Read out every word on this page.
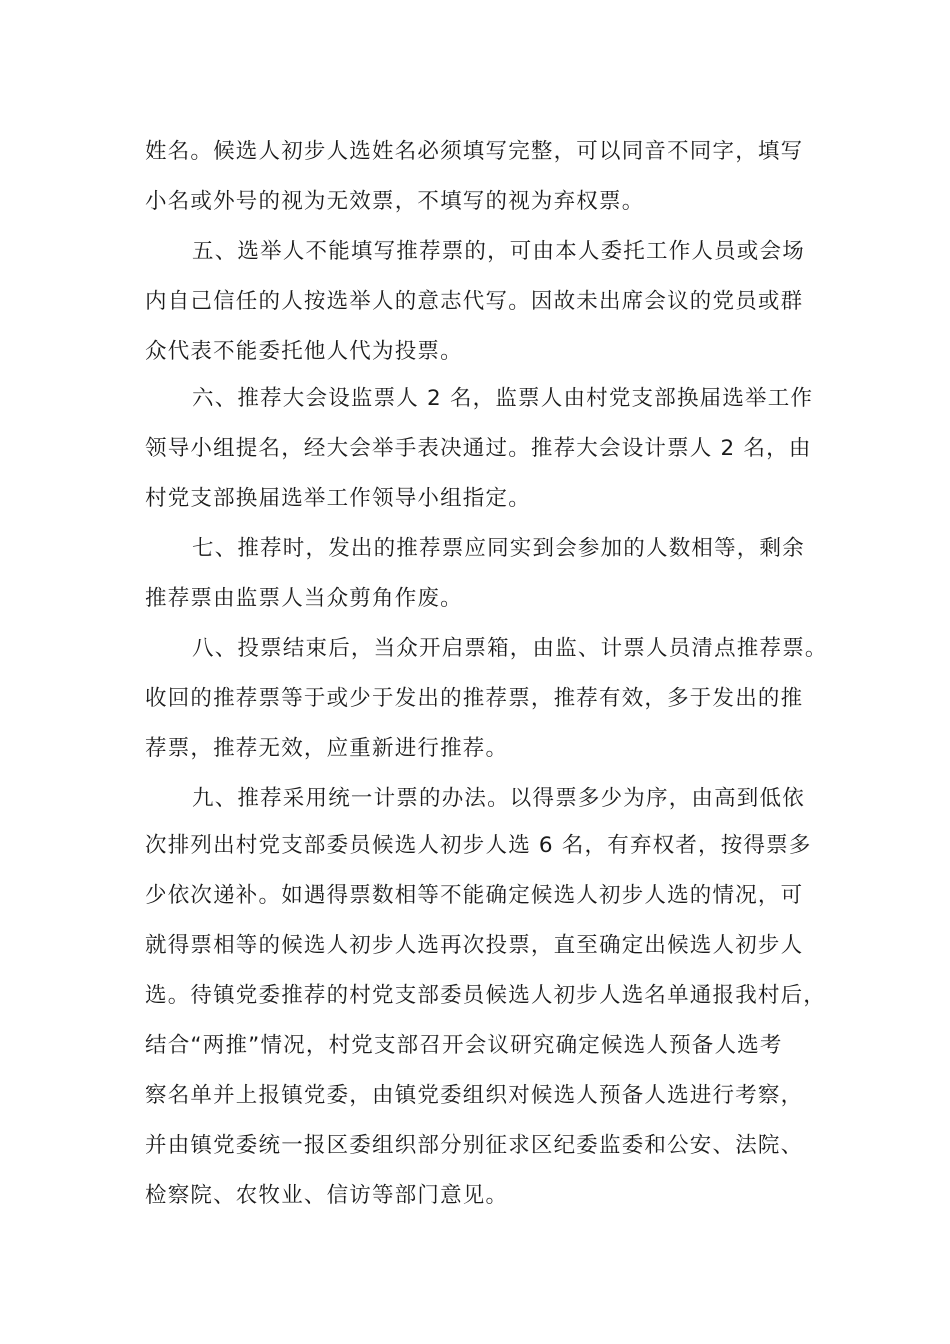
姓名。候选人初步人选姓名必须填写完整，可以同音不同字，填写

小名或外号的视为无效票，不填写的视为弃权票。

五、选举人不能填写推荐票的，可由本人委托工作人员或会场

内自己信任的人按选举人的意志代写。因故未出席会议的党员或群

众代表不能委托他人代为投票。

六、推荐大会设监票人 2 名，监票人由村党支部换届选举工作

领导小组提名，经大会举手表决通过。推荐大会设计票人 2 名，由

村党支部换届选举工作领导小组指定。

七、推荐时，发出的推荐票应同实到会参加的人数相等，剩余

推荐票由监票人当众剪角作废。

八、投票结束后，当众开启票箱，由监、计票人员清点推荐票。

收回的推荐票等于或少于发出的推荐票，推荐有效，多于发出的推

荐票，推荐无效，应重新进行推荐。

九、推荐采用统一计票的办法。以得票多少为序，由高到低依

次排列出村党支部委员候选人初步人选 6 名，有弃权者，按得票多

少依次递补。如遇得票数相等不能确定候选人初步人选的情况，可

就得票相等的候选人初步人选再次投票，直至确定出候选人初步人

选。待镇党委推荐的村党支部委员候选人初步人选名单通报我村后，

结合“两推”情况，村党支部召开会议研究确定候选人预备人选考

察名单并上报镇党委，由镇党委组织对候选人预备人选进行考察，

并由镇党委统一报区委组织部分别征求区纪委监委和公安、法院、

检察院、农牧业、信访等部门意见。
